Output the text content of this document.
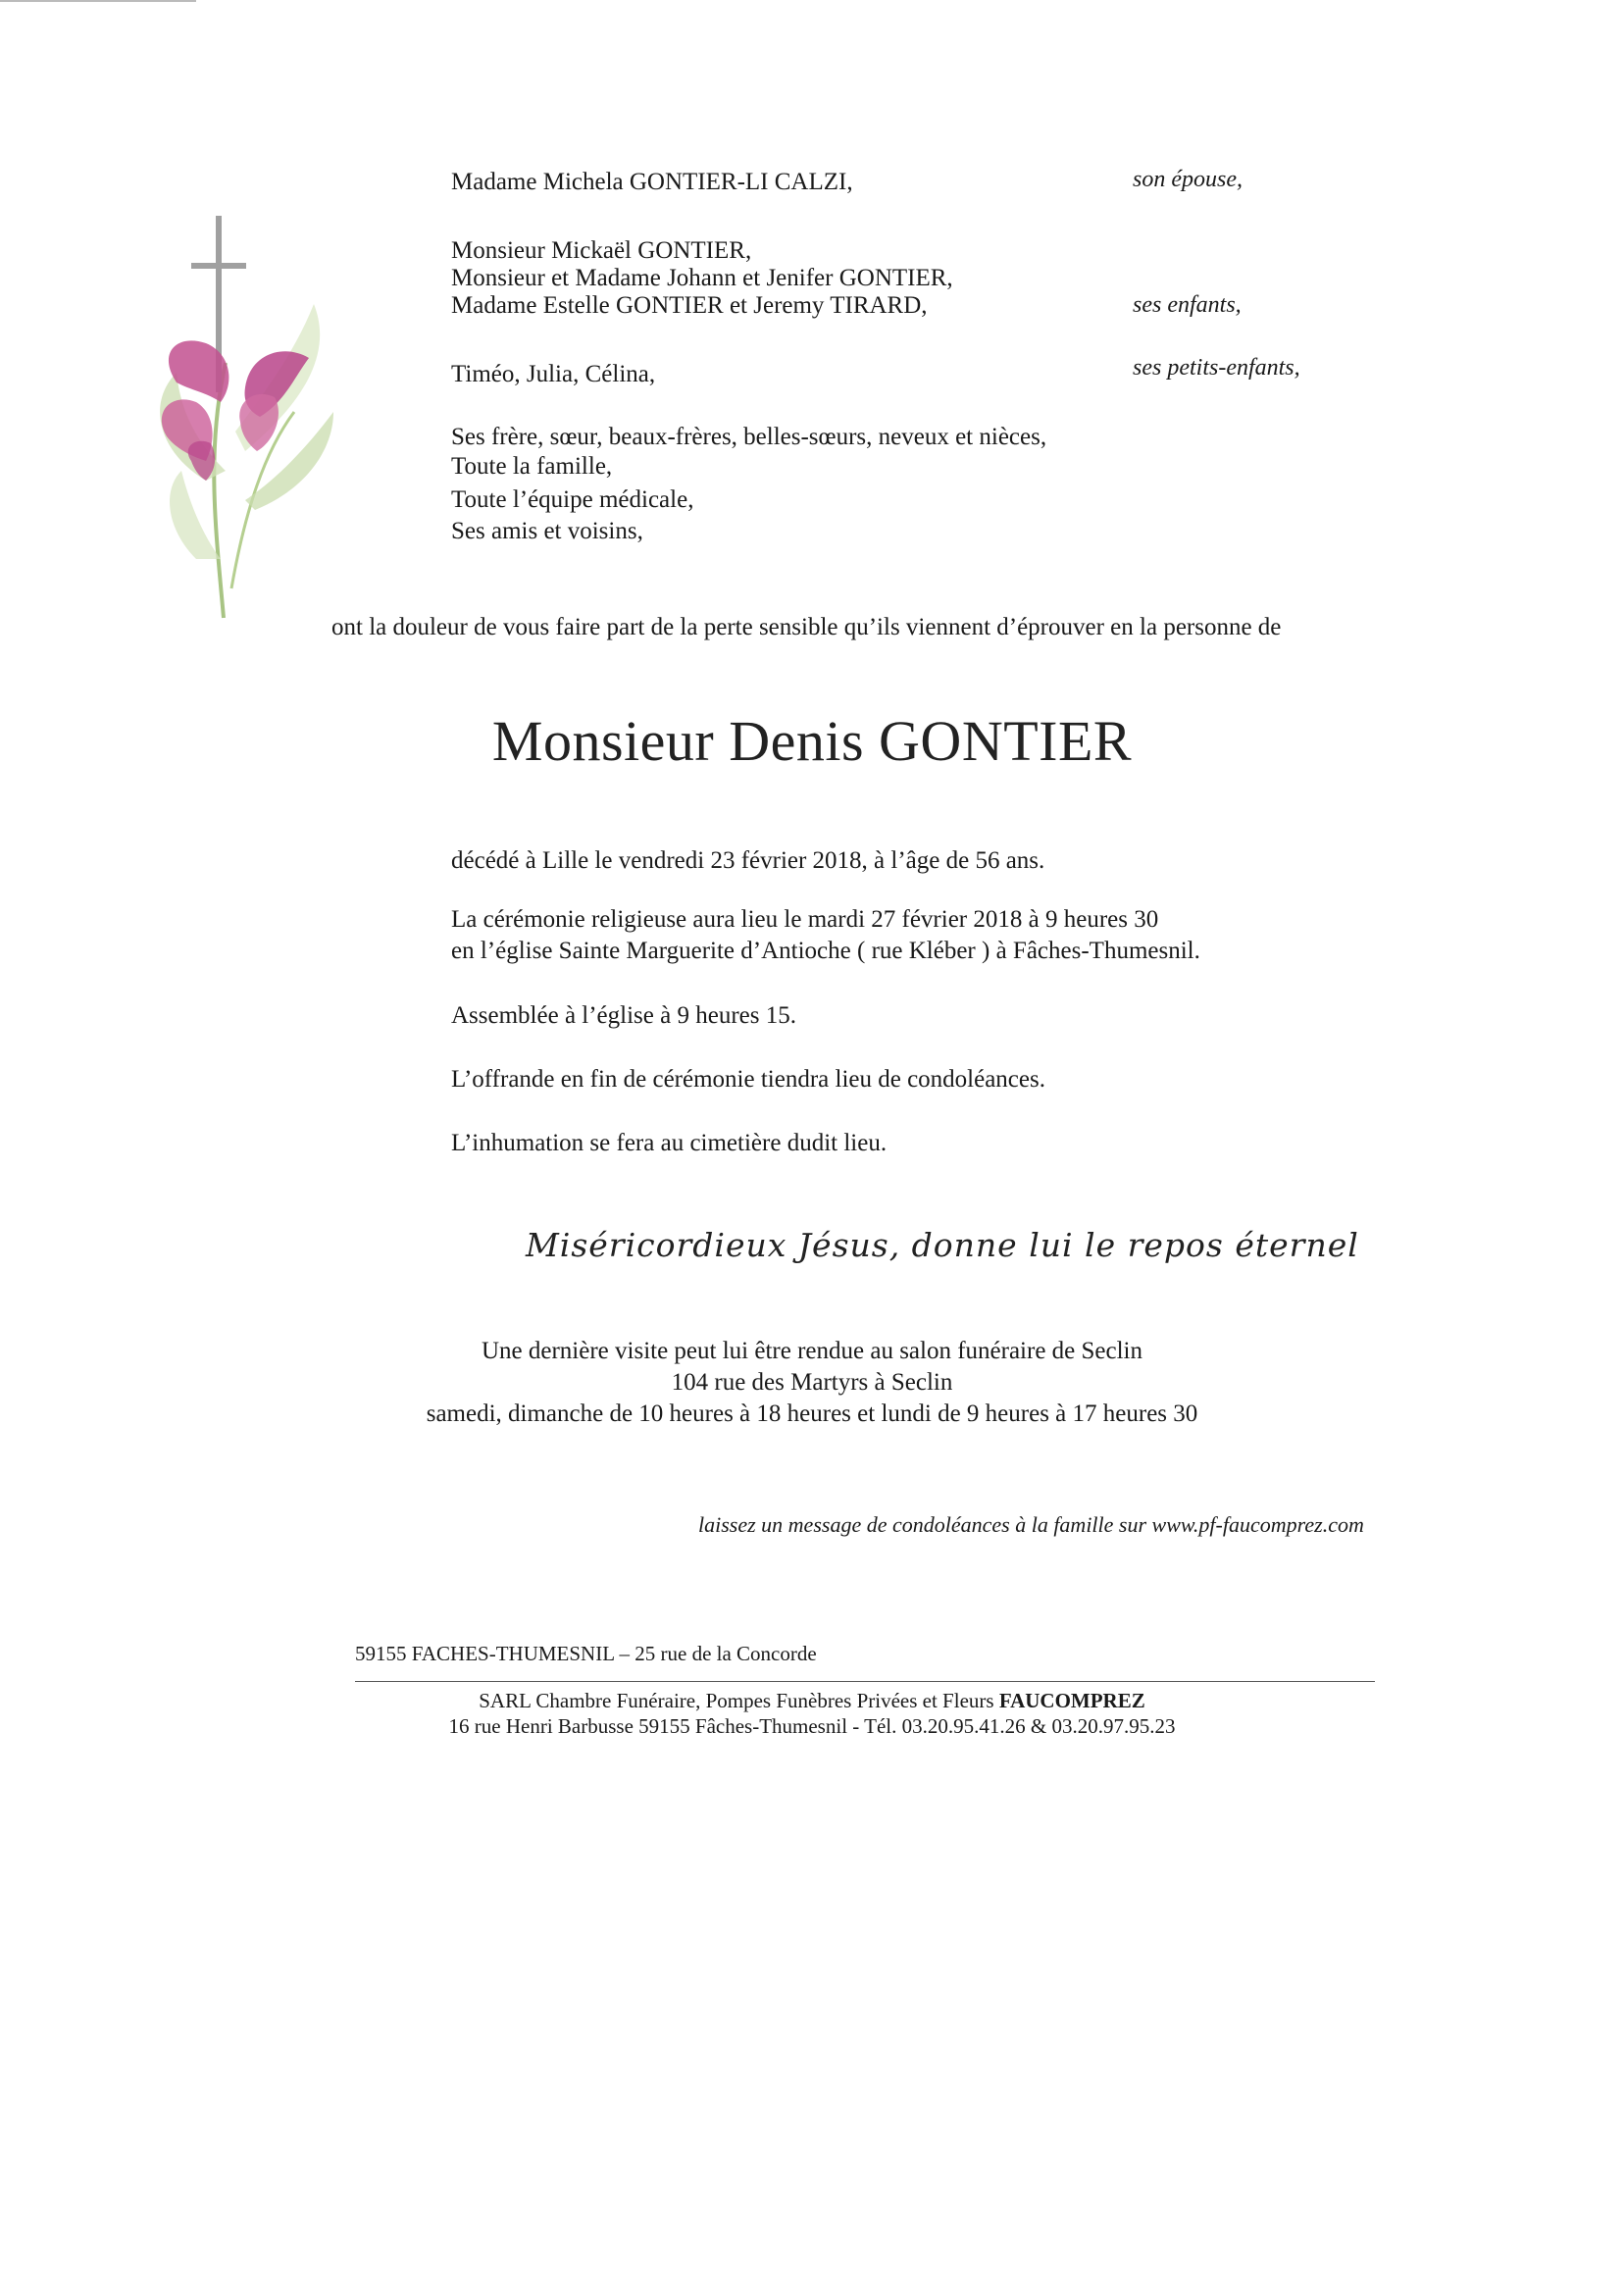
Madame Michela GONTIER-LI CALZI,	son épouse,
Monsieur Mickaël GONTIER,
Monsieur et Madame Johann et Jenifer GONTIER,
Madame Estelle GONTIER et Jeremy TIRARD,	ses enfants,
Timéo, Julia, Célina,	ses petits-enfants,
Ses frère, sœur, beaux-frères, belles-sœurs, neveux et nièces,
Toute la famille,
Toute l’équipe médicale,
Ses amis et voisins,
ont la douleur de vous faire part de la perte sensible qu’ils viennent d’éprouver en la personne de
Monsieur Denis GONTIER
décédé à Lille le vendredi 23 février 2018, à l’âge de 56 ans.
La cérémonie religieuse aura lieu le mardi 27 février 2018 à 9 heures 30
en l’église Sainte Marguerite d’Antioche ( rue Kléber ) à Fâches-Thumesnil.
Assemblée à l’église à 9 heures 15.
L’offrande en fin de cérémonie tiendra lieu de condoléances.
L’inhumation se fera au cimetière dudit lieu.
Miséricordieux Jésus, donne lui le repos éternel
Une dernière visite peut lui être rendue au salon funéraire de Seclin
104 rue des Martyrs à Seclin
samedi, dimanche de 10 heures à 18 heures et lundi de 9 heures à 17 heures 30
laissez un message de condoléances à la famille sur www.pf-faucomprez.com
59155 FACHES-THUMESNIL – 25 rue de la Concorde
SARL Chambre Funéraire, Pompes Funèbres Privées et Fleurs FAUCOMPREZ
16 rue Henri Barbusse 59155 Fâches-Thumesnil - Tél. 03.20.95.41.26 & 03.20.97.95.23
